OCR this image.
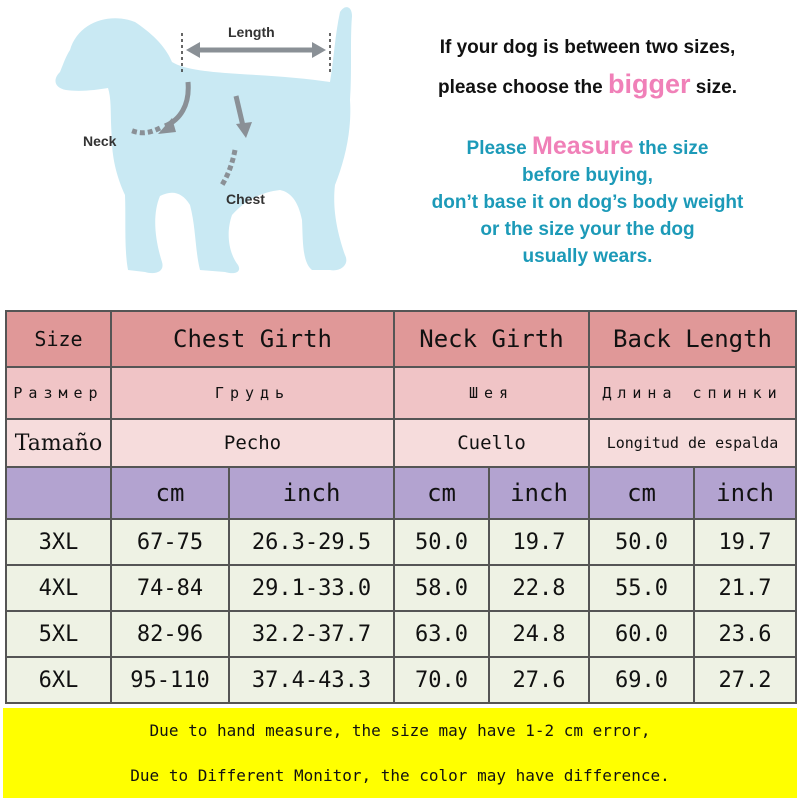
Length
Neck
Chest
If your dog is between two sizes,
please choose the bigger size.
Please Measure the size
before buying,
don’t base it on dog’s body weight
or the size your the dog
usually wears.
Size	Chest Girth		Neck Girth		Back Length	
Размер	Грудь		Шея		Длина спинки	
Tamaño	Pecho		Cuello		Longitud de espalda	
	cm	inch	cm	inch	cm	inch
3XL	67-75	26.3-29.5	50.0	19.7	50.0	19.7
4XL	74-84	29.1-33.0	58.0	22.8	55.0	21.7
5XL	82-96	32.2-37.7	63.0	24.8	60.0	23.6
6XL	95-110	37.4-43.3	70.0	27.6	69.0	27.2
Due to hand measure, the size may have 1-2 cm error,
Due to Different Monitor, the color may have difference.
